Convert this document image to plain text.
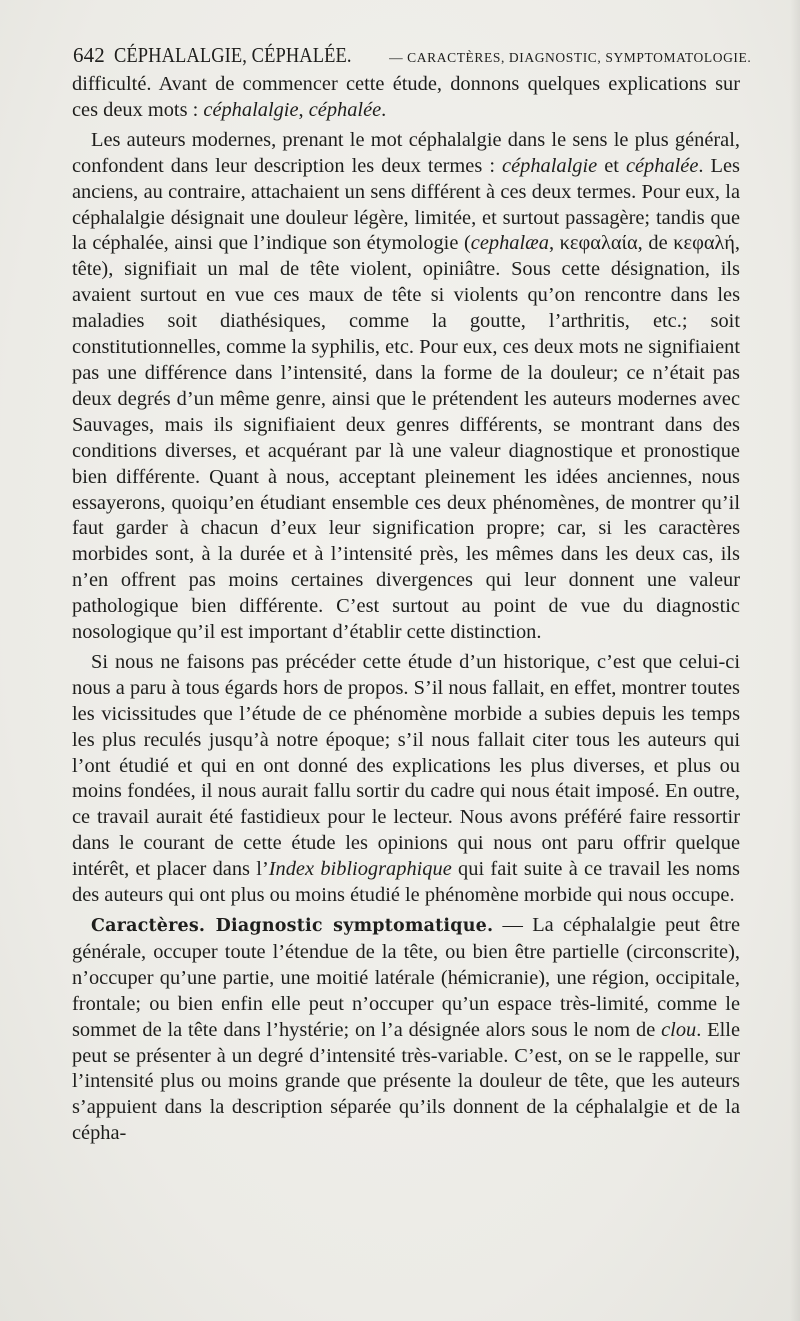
642 CÉPHALALGIE, CÉPHALÉE.	— CARACTÈRES, DIAGNOSTIC, SYMPTOMATOLOGIE.

difficulté. Avant de commencer cette étude, donnons quelques explications sur ces deux mots : céphalalgie, céphalée.

Les auteurs modernes, prenant le mot céphalalgie dans le sens le plus général, confondent dans leur description les deux termes : céphalalgie et céphalée. Les anciens, au contraire, attachaient un sens différent à ces deux termes. Pour eux, la céphalalgie désignait une douleur légère, limitée, et surtout passagère; tandis que la céphalée, ainsi que l’indique son étymologie (cephalæa, κεφαλαία, de κεφαλή, tête), signifiait un mal de tête violent, opiniâtre. Sous cette désignation, ils avaient surtout en vue ces maux de tête si violents qu’on rencontre dans les maladies soit diathésiques, comme la goutte, l’arthritis, etc.; soit constitutionnelles, comme la syphilis, etc. Pour eux, ces deux mots ne signifiaient pas une différence dans l’intensité, dans la forme de la douleur; ce n’était pas deux degrés d’un même genre, ainsi que le prétendent les auteurs modernes avec Sauvages, mais ils signifiaient deux genres différents, se montrant dans des conditions diverses, et acquérant par là une valeur diagnostique et pronostique bien différente. Quant à nous, acceptant pleinement les idées anciennes, nous essayerons, quoiqu’en étudiant ensemble ces deux phénomènes, de montrer qu’il faut garder à chacun d’eux leur signification propre; car, si les caractères morbides sont, à la durée et à l’intensité près, les mêmes dans les deux cas, ils n’en offrent pas moins certaines divergences qui leur donnent une valeur pathologique bien différente. C’est surtout au point de vue du diagnostic nosologique qu’il est important d’établir cette distinction.

Si nous ne faisons pas précéder cette étude d’un historique, c’est que celui-ci nous a paru à tous égards hors de propos. S’il nous fallait, en effet, montrer toutes les vicissitudes que l’étude de ce phénomène morbide a subies depuis les temps les plus reculés jusqu’à notre époque; s’il nous fallait citer tous les auteurs qui l’ont étudié et qui en ont donné des explications les plus diverses, et plus ou moins fondées, il nous aurait fallu sortir du cadre qui nous était imposé. En outre, ce travail aurait été fastidieux pour le lecteur. Nous avons préféré faire ressortir dans le courant de cette étude les opinions qui nous ont paru offrir quelque intérêt, et placer dans l’Index bibliographique qui fait suite à ce travail les noms des auteurs qui ont plus ou moins étudié le phénomène morbide qui nous occupe.

Caractères. Diagnostic symptomatique. — La céphalalgie peut être générale, occuper toute l’étendue de la tête, ou bien être partielle (circonscrite), n’occuper qu’une partie, une moitié latérale (hémicranie), une région, occipitale, frontale; ou bien enfin elle peut n’occuper qu’un espace très-limité, comme le sommet de la tête dans l’hystérie; on l’a désignée alors sous le nom de clou. Elle peut se présenter à un degré d’intensité très-variable. C’est, on se le rappelle, sur l’intensité plus ou moins grande que présente la douleur de tête, que les auteurs s’appuient dans la description séparée qu’ils donnent de la céphalalgie et de la cépha-
